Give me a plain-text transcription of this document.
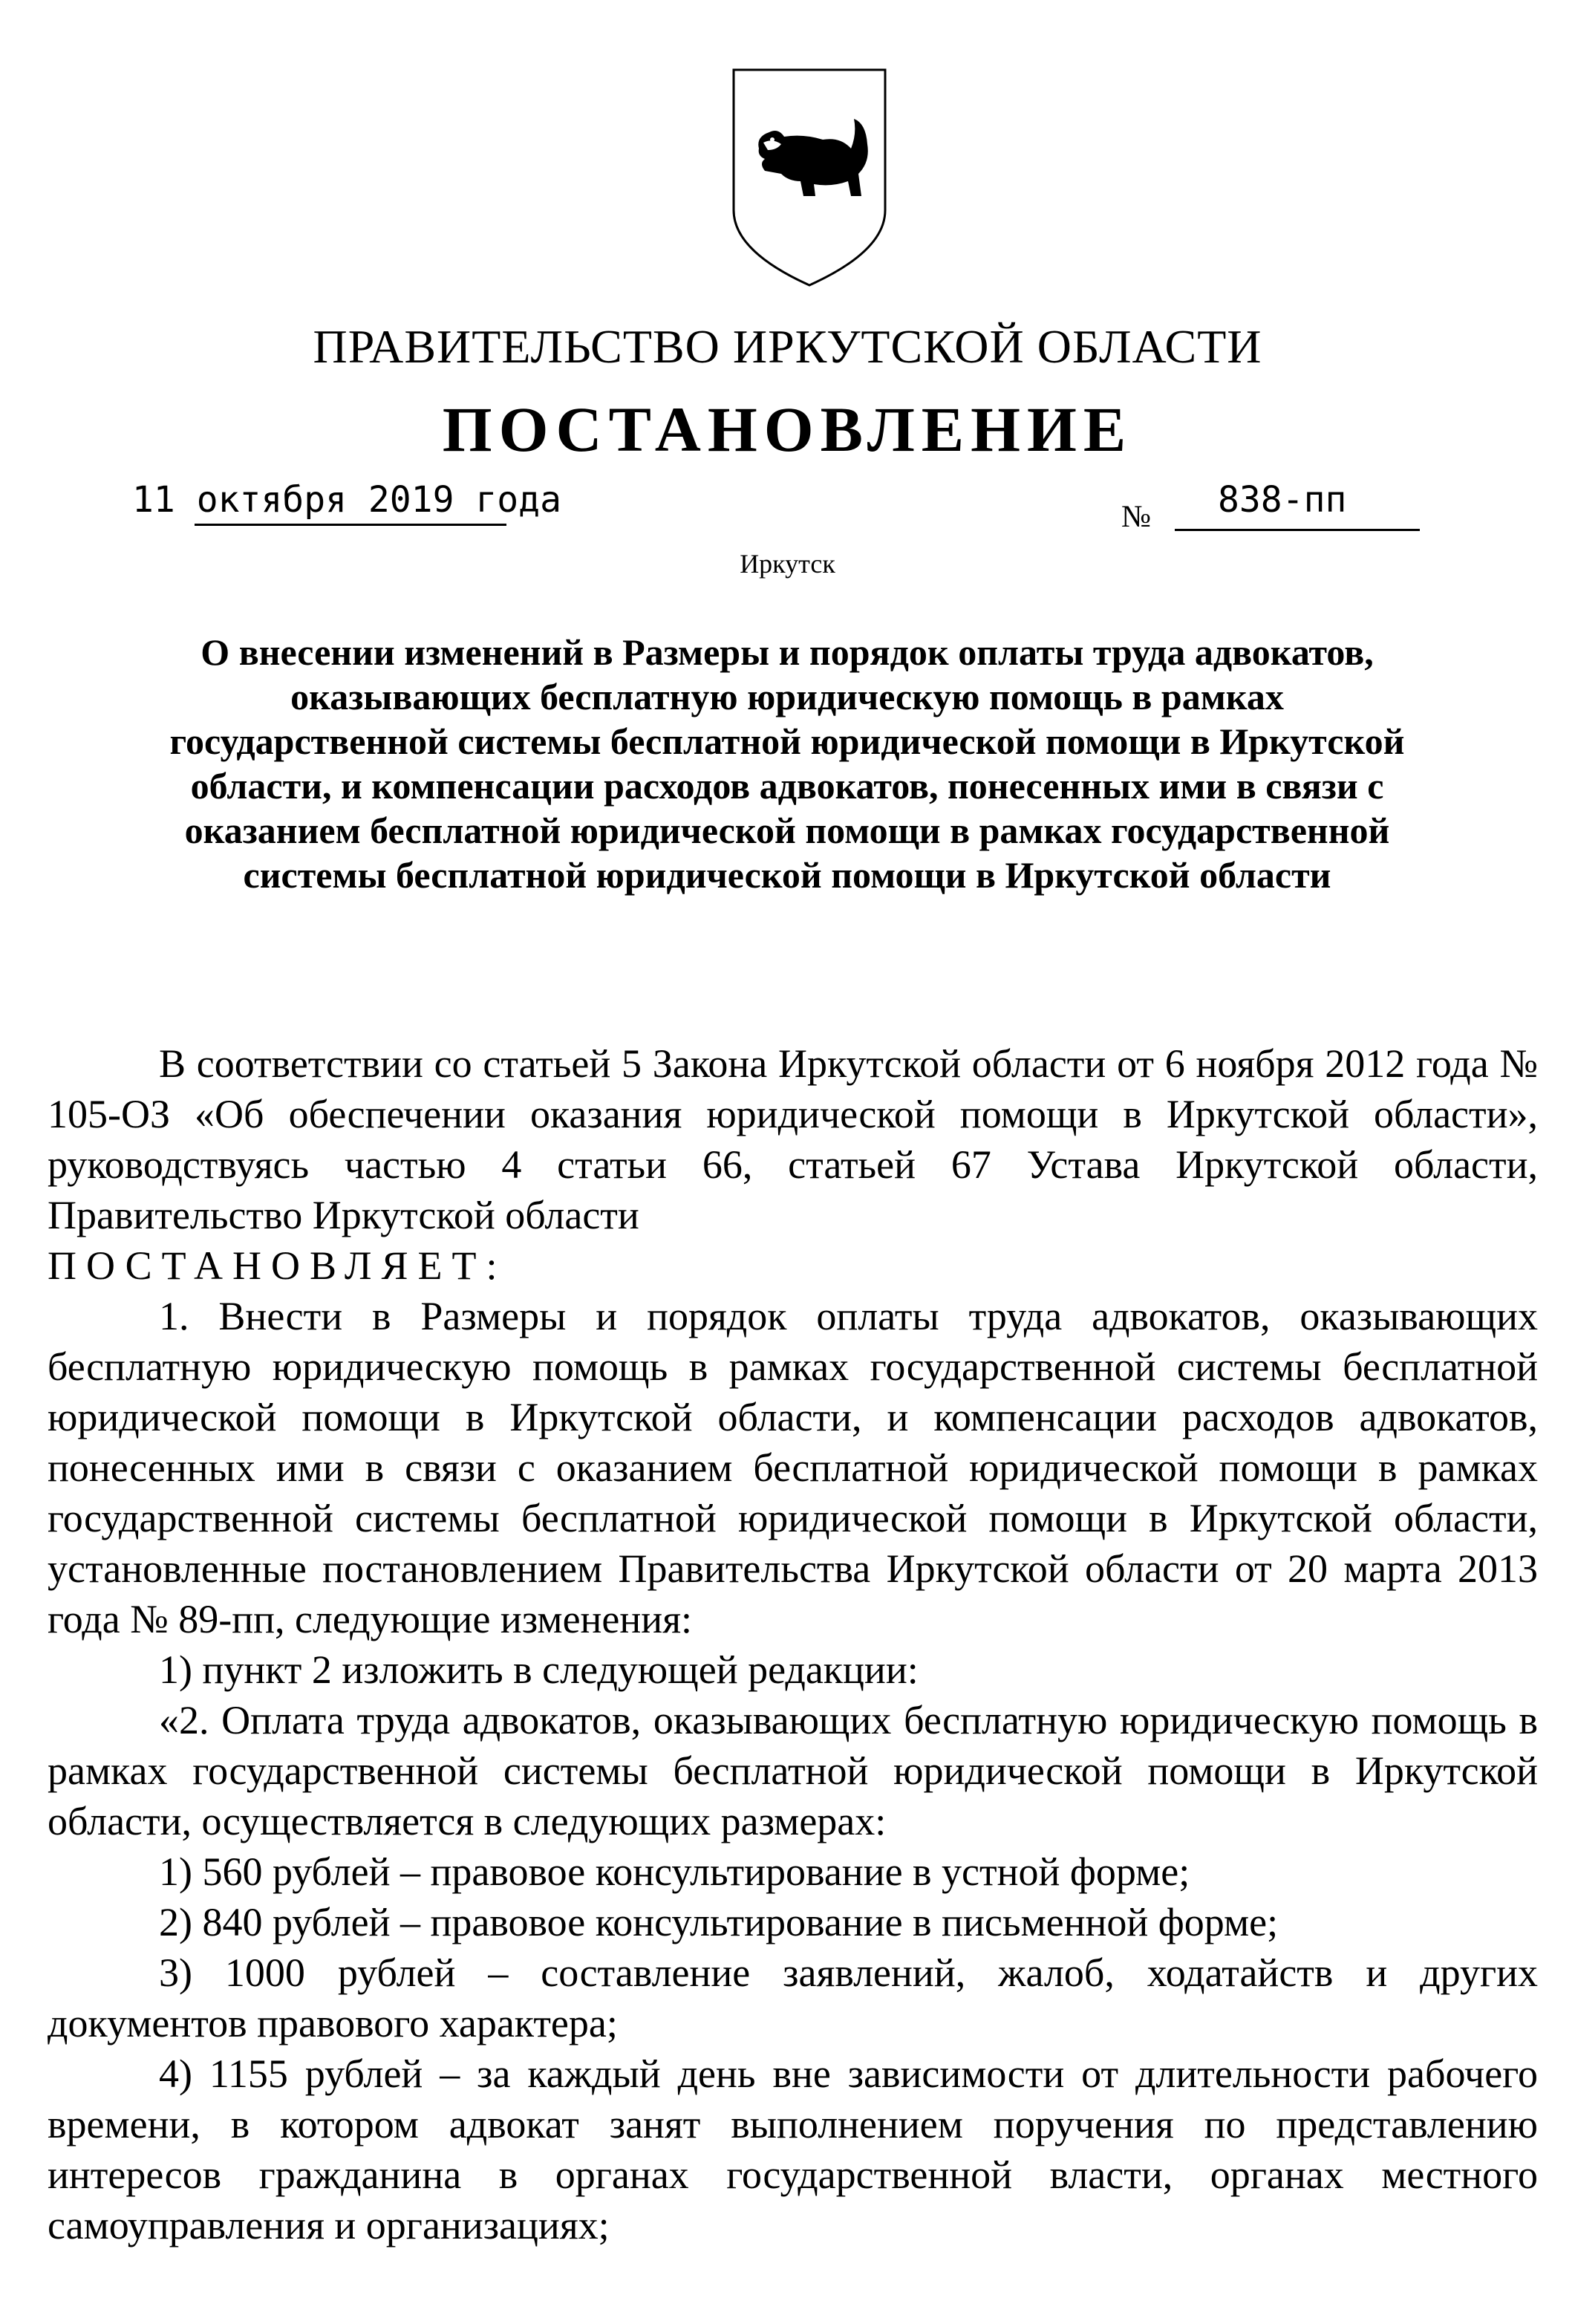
ПРАВИТЕЛЬСТВО ИРКУТСКОЙ ОБЛАСТИ
ПОСТАНОВЛЕНИЕ
11 октября 2019 года	№ 838-пп
Иркутск
О внесении изменений в Размеры и порядок оплаты труда адвокатов,
оказывающих бесплатную юридическую помощь в рамках
государственной системы бесплатной юридической помощи в Иркутской
области, и компенсации расходов адвокатов, понесенных ими в связи с
оказанием бесплатной юридической помощи в рамках государственной
системы бесплатной юридической помощи в Иркутской области

В соответствии со статьей 5 Закона Иркутской области от 6 ноября 2012 года № 105-ОЗ «Об обеспечении оказания юридической помощи в Иркутской области», руководствуясь частью 4 статьи 66, статьей 67 Устава Иркутской области, Правительство Иркутской области

ПОСТАНОВЛЯЕТ:

1. Внести в Размеры и порядок оплаты труда адвокатов, оказывающих бесплатную юридическую помощь в рамках государственной системы бесплатной юридической помощи в Иркутской области, и компенсации расходов адвокатов, понесенных ими в связи с оказанием бесплатной юридической помощи в рамках государственной системы бесплатной юридической помощи в Иркутской области, установленные постановлением Правительства Иркутской области от 20 марта 2013 года № 89-пп, следующие изменения:

1) пункт 2 изложить в следующей редакции:

«2. Оплата труда адвокатов, оказывающих бесплатную юридическую помощь в рамках государственной системы бесплатной юридической помощи в Иркутской области, осуществляется в следующих размерах:

1) 560 рублей – правовое консультирование в устной форме;

2) 840 рублей – правовое консультирование в письменной форме;

3) 1000 рублей – составление заявлений, жалоб, ходатайств и других документов правового характера;

4) 1155 рублей – за каждый день вне зависимости от длительности рабочего времени, в котором адвокат занят выполнением поручения по представлению интересов гражданина в органах государственной власти, органах местного самоуправления и организациях;
